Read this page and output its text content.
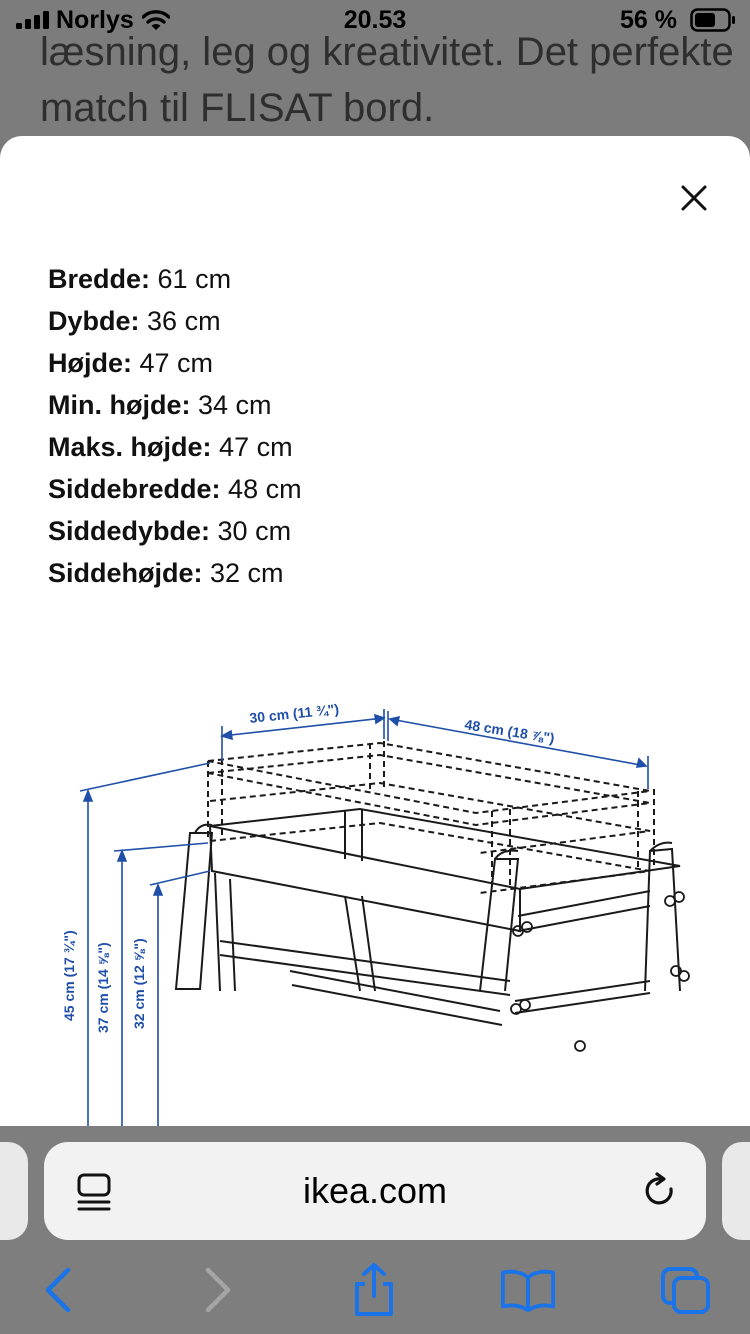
læsning, leg og kreativitet. Det perfekte match til FLISAT bord.
Norlys	20.53	56 %
Bredde: 61 cm
Dybde: 36 cm
Højde: 47 cm
Min. højde: 34 cm
Maks. højde: 47 cm
Siddebredde: 48 cm
Siddedybde: 30 cm
Siddehøjde: 32 cm
30 cm (11 ¾")
48 cm (18 ⅞")
45 cm (17 ¾") 37 cm (14 ⅝") 32 cm (12 ⅝")
ikea.com
